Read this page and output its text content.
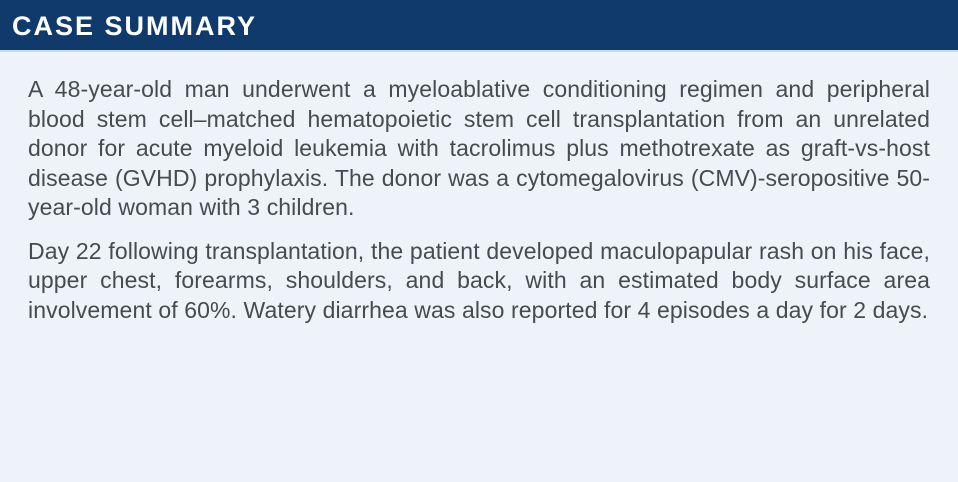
CASE SUMMARY

A 48-year-old man underwent a myeloablative conditioning regimen and peripheral blood stem cell–matched hematopoietic stem cell transplantation from an unrelated donor for acute myeloid leukemia with tacrolimus plus methotrexate as graft-vs-host disease (GVHD) prophylaxis. The donor was a cytomegalovirus (CMV)-seropositive 50-year-old woman with 3 children.

Day 22 following transplantation, the patient developed maculopapular rash on his face, upper chest, forearms, shoulders, and back, with an estimated body surface area involvement of 60%. Watery diarrhea was also reported for 4 episodes a day for 2 days.
